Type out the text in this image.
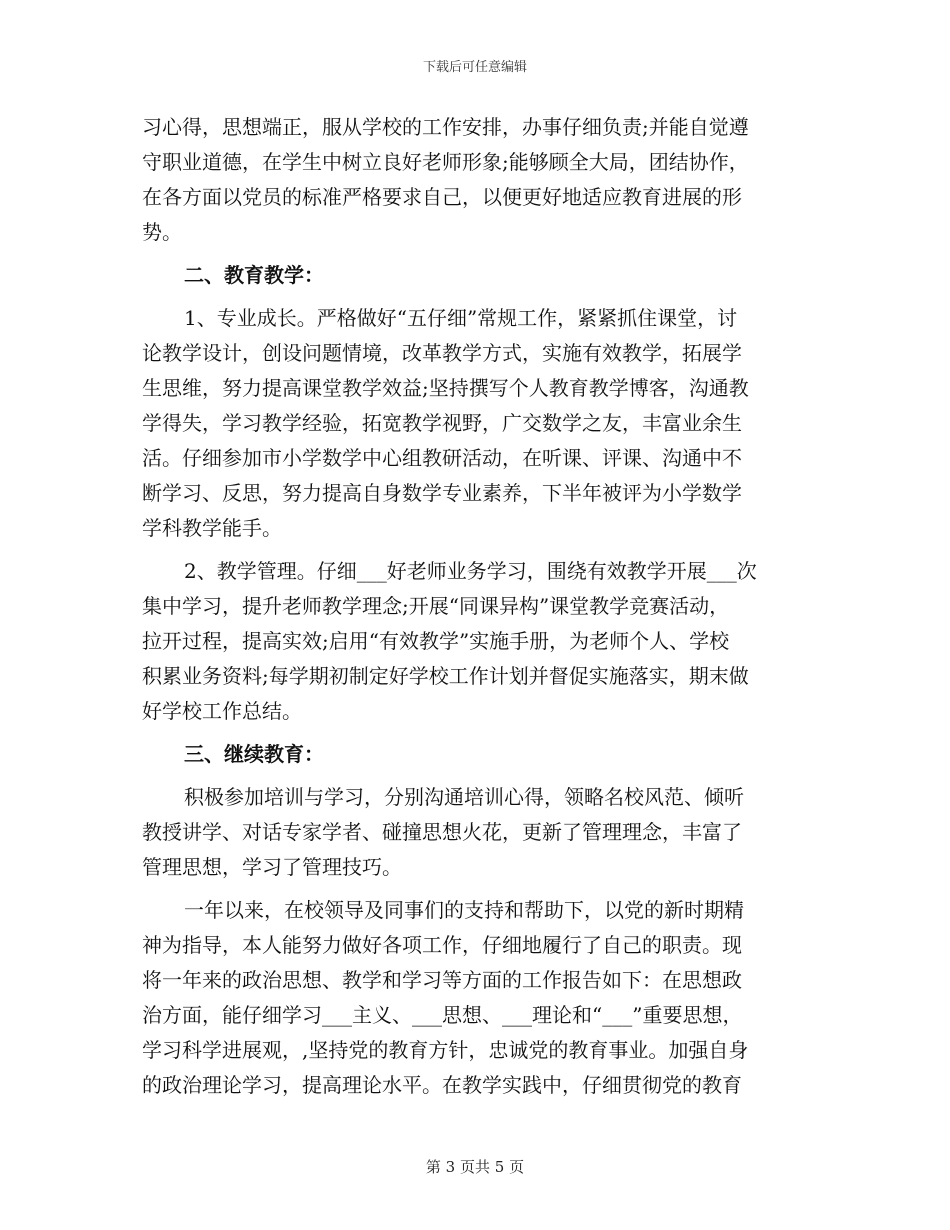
下载后可任意编辑
习心得，思想端正，服从学校的工作安排，办事仔细负责;并能自觉遵
守职业道德，在学生中树立良好老师形象;能够顾全大局，团结协作，
在各方面以党员的标准严格要求自己，以便更好地适应教育进展的形
势。
二、教育教学：
1、专业成长。严格做好“五仔细”常规工作，紧紧抓住课堂，讨
论教学设计，创设问题情境，改革教学方式，实施有效教学，拓展学
生思维，努力提高课堂教学效益;坚持撰写个人教育教学博客，沟通教
学得失，学习教学经验，拓宽教学视野，广交数学之友，丰富业余生
活。仔细参加市小学数学中心组教研活动，在听课、评课、沟通中不
断学习、反思，努力提高自身数学专业素养，下半年被评为小学数学
学科教学能手。
2、教学管理。仔细___好老师业务学习，围绕有效教学开展___次
集中学习，提升老师教学理念;开展“同课异构”课堂教学竞赛活动，
拉开过程，提高实效;启用“有效教学”实施手册，为老师个人、学校
积累业务资料;每学期初制定好学校工作计划并督促实施落实，期末做
好学校工作总结。
三、继续教育：
积极参加培训与学习，分别沟通培训心得，领略名校风范、倾听
教授讲学、对话专家学者、碰撞思想火花，更新了管理理念，丰富了
管理思想，学习了管理技巧。
一年以来，在校领导及同事们的支持和帮助下，以党的新时期精
神为指导，本人能努力做好各项工作，仔细地履行了自己的职责。现
将一年来的政治思想、教学和学习等方面的工作报告如下：在思想政
治方面，能仔细学习___主义、___思想、___理论和“___”重要思想，
学习科学进展观，,坚持党的教育方针，忠诚党的教育事业。加强自身
的政治理论学习，提高理论水平。在教学实践中，仔细贯彻党的教育
第 3 页共 5 页
